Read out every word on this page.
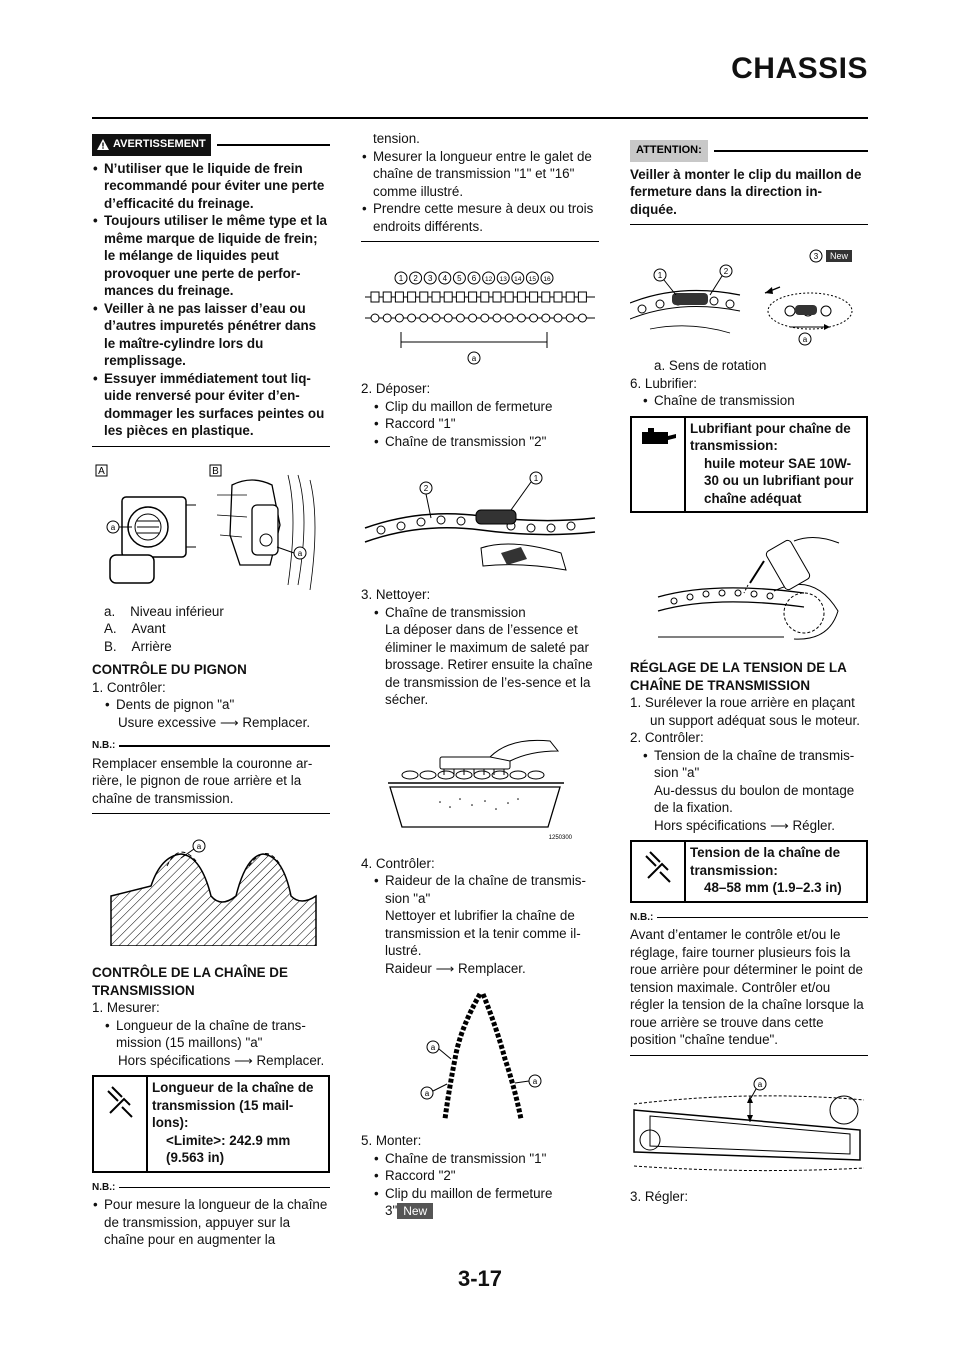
CHASSIS
AVERTISSEMENT
• N’utiliser que le liquide de frein recommandé pour éviter une perte d’efficacité du freinage.
• Toujours utiliser le même type et la même marque de liquide de frein; le mélange de liquides peut provoquer une perte de perfor-mances du freinage.
• Veiller à ne pas laisser d’eau ou d’autres impuretés pénétrer dans le maître-cylindre lors du remplissage.
• Essuyer immédiatement tout liq-uide renversé pour éviter d’en-dommager les surfaces peintes ou les pièces en plastique.
A	B
a
a
a. Niveau inférieur
A. Avant
B. Arrière
CONTRÔLE DU PIGNON
1. Contrôler:
• Dents de pignon "a"
Usure excessive ⟶ Remplacer.
N.B.:
Remplacer ensemble la couronne ar-rière, le pignon de roue arrière et la chaîne de transmission.
a
CONTRÔLE DE LA CHAÎNE DE TRANSMISSION
1. Mesurer:
• Longueur de la chaîne de trans-mission (15 maillons) "a"
Hors spécifications ⟶ Remplacer.
Longueur de la chaîne de transmission (15 mail-lons):
<Limite>: 242.9 mm (9.563 in)
N.B.:
• Pour mesure la longueur de la chaîne de transmission, appuyer sur la chaîne pour en augmenter la
tension.
• Mesurer la longueur entre le galet de chaîne de transmission "1" et "16" comme illustré.
• Prendre cette mesure à deux ou trois endroits différents.
1 2 3 4 5 6 12 13 14 15 16
a
2. Déposer:
• Clip du maillon de fermeture
• Raccord "1"
• Chaîne de transmission "2"
1
2
3. Nettoyer:
• Chaîne de transmission
La déposer dans de l’essence et éliminer le maximum de saleté par brossage. Retirer ensuite la chaîne de transmission de l’es-sence et la sécher.
1250300
4. Contrôler:
• Raideur de la chaîne de transmis-sion "a"
Nettoyer et lubrifier la chaîne de transmission et la tenir comme il-lustré.
Raideur ⟶ Remplacer.
a
a
a
5. Monter:
• Chaîne de transmission "1"
• Raccord "2"
• Clip du maillon de fermeture
3" New
ATTENTION:
Veiller à monter le clip du maillon de fermeture dans la direction in-diquée.
1	2
3 New
a
a. Sens de rotation
6. Lubrifier:
• Chaîne de transmission
Lubrifiant pour chaîne de transmission:
huile moteur SAE 10W-30 ou un lubrifiant pour chaîne adéquat
RÉGLAGE DE LA TENSION DE LA CHAÎNE DE TRANSMISSION
1. Surélever la roue arrière en plaçant un support adéquat sous le moteur.
2. Contrôler:
• Tension de la chaîne de transmis-sion "a"
Au-dessus du boulon de montage de la fixation.
Hors spécifications ⟶ Régler.
Tension de la chaîne de transmission:
48–58 mm (1.9–2.3 in)
N.B.:
Avant d’entamer le contrôle et/ou le réglage, faire tourner plusieurs fois la roue arrière pour déterminer le point de tension maximale. Contrôler et/ou régler la tension de la chaîne lorsque la roue arrière se trouve dans cette position "chaîne tendue".
a
3. Régler:
3-17
